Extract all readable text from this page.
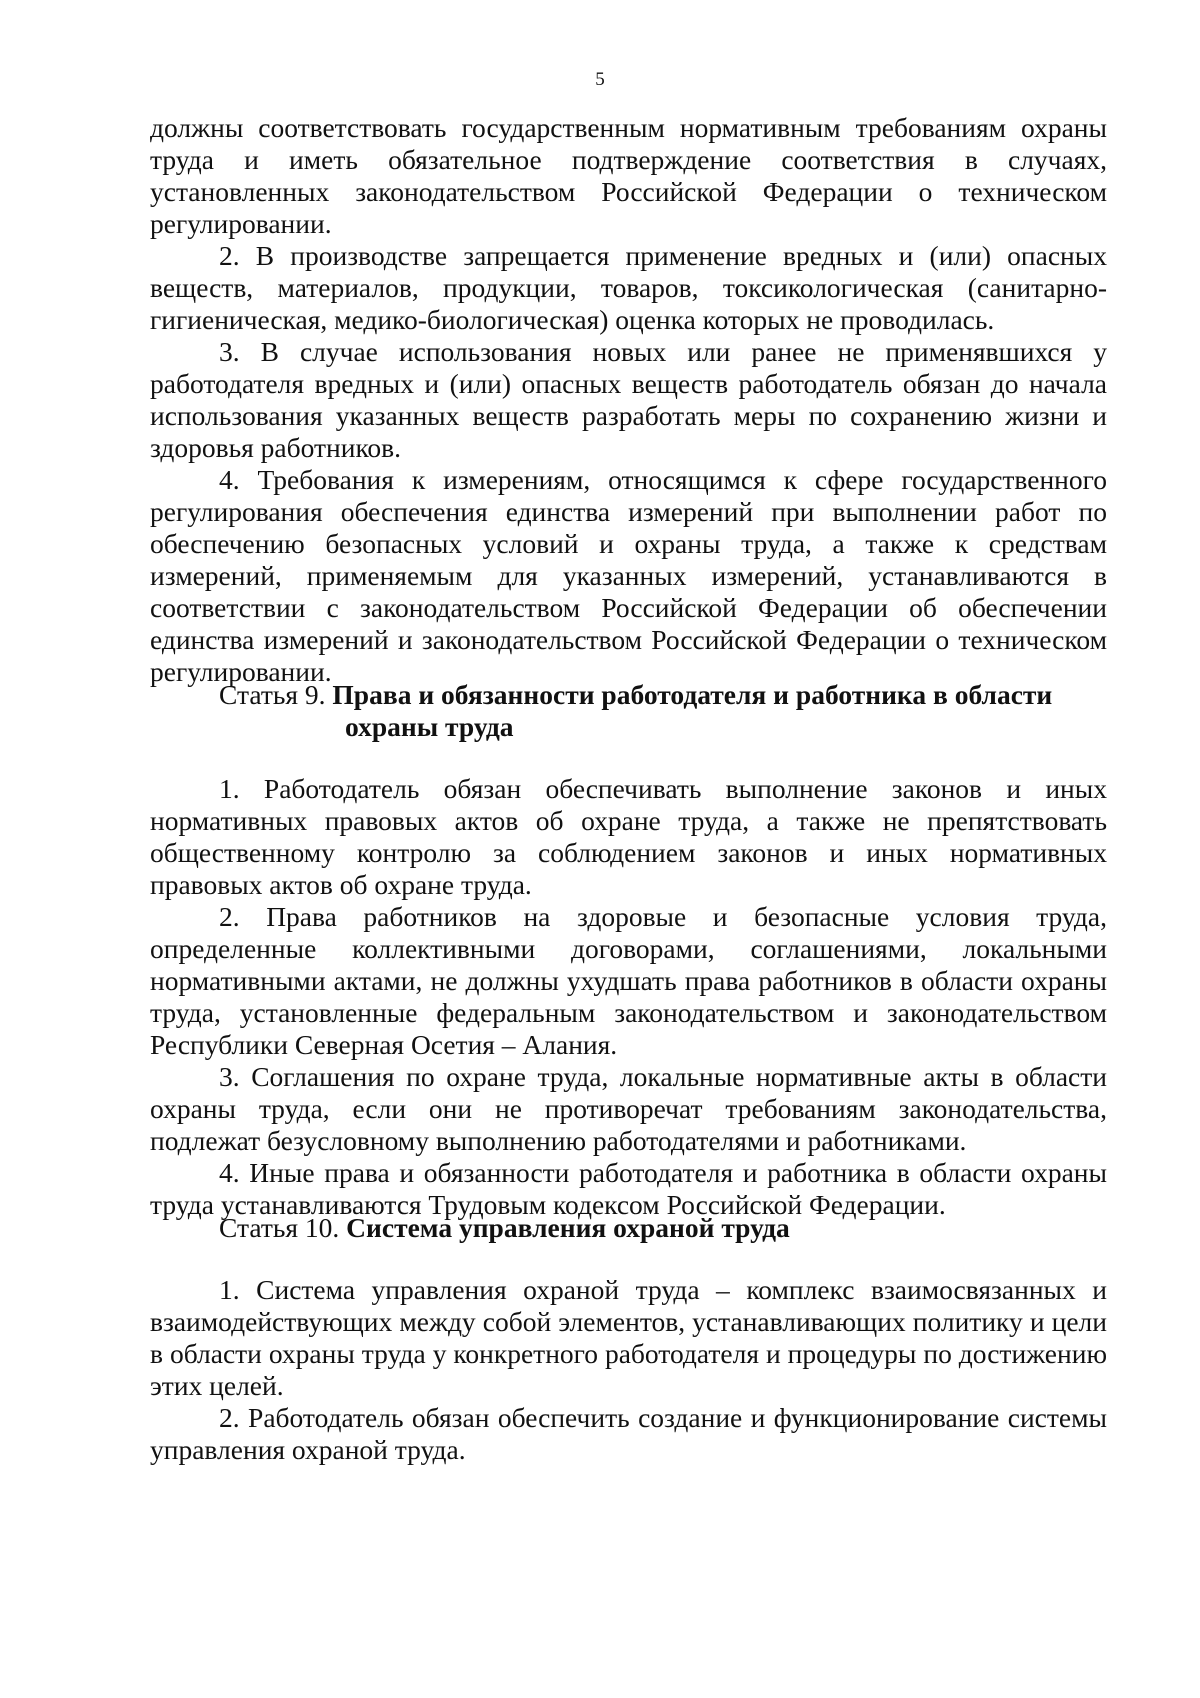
5

должны соответствовать государственным нормативным требованиям охраны труда и иметь обязательное подтверждение соответствия в случаях, установленных законодательством Российской Федерации о техническом регулировании.

2. В производстве запрещается применение вредных и (или) опасных веществ, материалов, продукции, товаров, токсикологическая (санитарно-гигиеническая, медико-биологическая) оценка которых не проводилась.

3. В случае использования новых или ранее не применявшихся у работодателя вредных и (или) опасных веществ работодатель обязан до начала использования указанных веществ разработать меры по сохранению жизни и здоровья работников.

4. Требования к измерениям, относящимся к сфере государственного регулирования обеспечения единства измерений при выполнении работ по обеспечению безопасных условий и охраны труда, а также к средствам измерений, применяемым для указанных измерений, устанавливаются в соответствии с законодательством Российской Федерации об обеспечении единства измерений и законодательством Российской Федерации о техническом регулировании.

Статья 9. Права и обязанности работодателя и работника в области
охраны труда

1. Работодатель обязан обеспечивать выполнение законов и иных нормативных правовых актов об охране труда, а также не препятствовать общественному контролю за соблюдением законов и иных нормативных правовых актов об охране труда.

2. Права работников на здоровые и безопасные условия труда, определенные коллективными договорами, соглашениями, локальными нормативными актами, не должны ухудшать права работников в области охраны труда, установленные федеральным законодательством и законодательством Республики Северная Осетия – Алания.

3. Соглашения по охране труда, локальные нормативные акты в области охраны труда, если они не противоречат требованиям законодательства, подлежат безусловному выполнению работодателями и работниками.

4. Иные права и обязанности работодателя и работника в области охраны труда устанавливаются Трудовым кодексом Российской Федерации.

Статья 10. Система управления охраной труда

1. Система управления охраной труда – комплекс взаимосвязанных и взаимодействующих между собой элементов, устанавливающих политику и цели в области охраны труда у конкретного работодателя и процедуры по достижению этих целей.

2. Работодатель обязан обеспечить создание и функционирование системы управления охраной труда.
